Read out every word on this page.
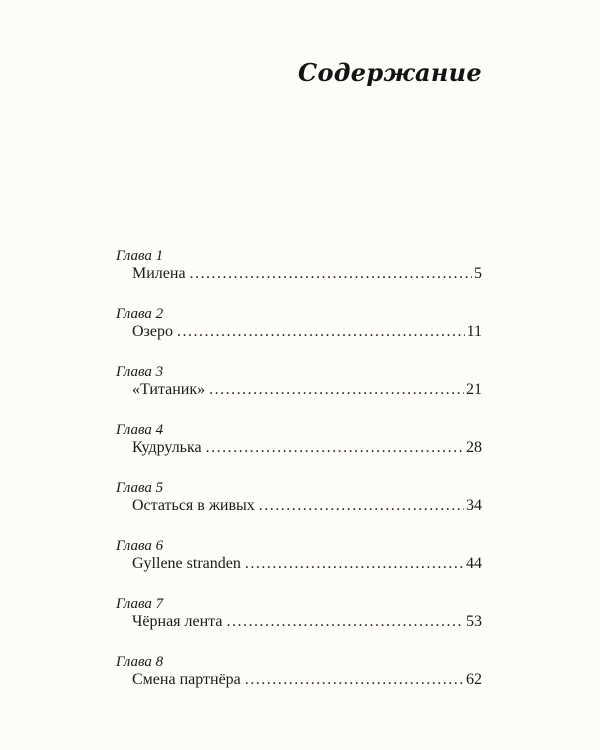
Содержание
Глава 1
Милена .....	5
Глава 2
Озеро .....	11
Глава 3
«Титаник» .....	21
Глава 4
Кудрулька .....	28
Глава 5
Остаться в живых .....	34
Глава 6
Gyllene stranden .....	44
Глава 7
Чёрная лента .....	53
Глава 8
Смена партнёра .....	62
